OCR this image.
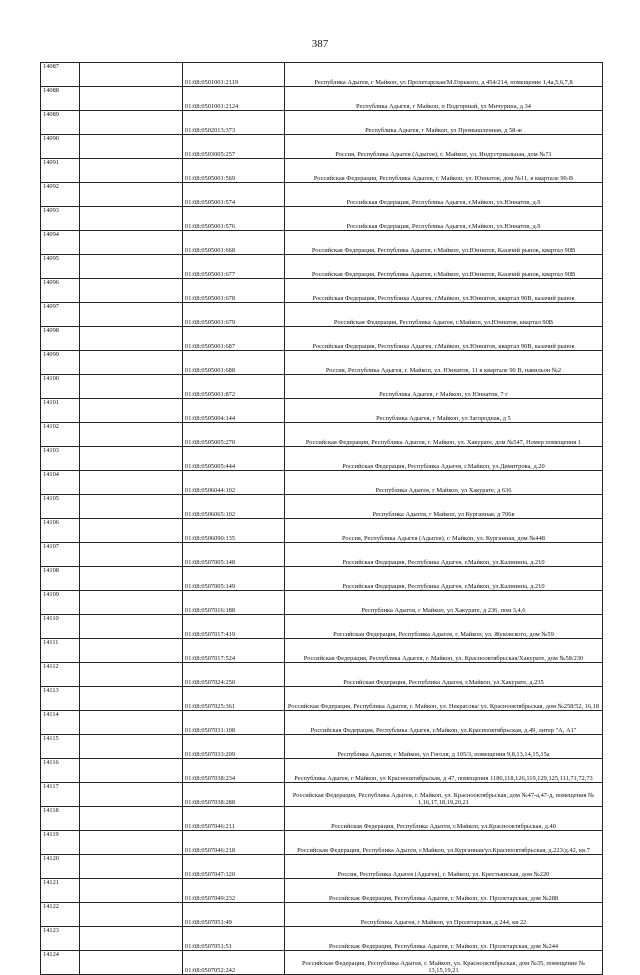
387
14087		01:08:0501001:2119	Республика Адыгея, г Майкоп, ул Пролетарская/М.Горького, д 454/214, помещение 1,4а,5,6,7,8
14088		01:08:0501001:2124	Республика Адыгея, г Майкоп, п Подгорный, ул Мичурина, д 34
14089		01:08:0502013:373	Республика Адыгея, г Майкоп, ул Промышленная, д 58-ж
14090		01:08:0503005:257	Россия, Республика Адыгея (Адыгея), г. Майкоп, ул. Индустриальная, дом №71
14091		01:08:0505001:569	Российская Федерация, Республика Адыгея, г. Майкоп, ул. Юннатов, дом №11, в квартале 90-В
14092		01:08:0505001:574	Российская Федерация, Республика Адыгея, г.Майкоп, ул.Юннатов, д.9
14093		01:08:0505001:576	Российская Федерация, Республика Адыгея, г.Майкоп, ул.Юннатов, д.9
14094		01:08:0505001:668	Российская Федерация, Республика Адыгея, г.Майкоп, ул.Юннатов, Казачий рынок, квартал 90В
14095		01:08:0505001:677	Российская Федерация, Республика Адыгея, г.Майкоп, ул.Юннатов, Казачий рынок, квартал 90В
14096		01:08:0505001:678	Российская Федерация, Республика Адыгея, г.Майкоп, ул.Юннатов, квартал 90В, казачий рынок
14097		01:08:0505001:679	Российская Федерация, Республика Адыгея, г.Майкоп, ул.Юннатов, квартал 90В
14098		01:08:0505001:687	Российская Федерация, Республика Адыгея, г.Майкоп, ул.Юннатов, квартал 90В, казачий рынок
14099		01:08:0505001:688	Россия, Республика Адыгея, г. Майкоп, ул. Юннатов, 11 в квартале 90 В, павильон №2
14100		01:08:0505001:872	Республика Адыгея, г Майкоп, ул Юннатов, 7 г
14101		01:08:0505004:144	Республика Адыгея, г Майкоп, ул Загородная, д 5
14102		01:08:0505005:270	Российская Федерация, Республика Адыгея, г. Майкоп, ул. Хакурате, дом №547, Номер помещения 1
14103		01:08:0505005:444	Российская Федерация, Республика Адыгея, г.Майкоп, ул.Димитрова, д.20
14104		01:08:0506044:102	Республика Адыгея, г Майкоп, ул Хакурате, д 636
14105		01:08:0506065:102	Республика Адыгея, г Майкоп, ул Курганная, д 706в
14106		01:08:0506090:135	Россия, Республика Адыгея (Адыгея), г. Майкоп, ул. Курганная, дом №448
14107		01:08:0507005:148	Российская Федерация, Республика Адыгея, г.Майкоп, ул.Калинина, д.210
14108		01:08:0507005:149	Российская Федерация, Республика Адыгея, г.Майкоп, ул.Калинина, д.210
14109		01:08:0507016:188	Республика Адыгея, г Майкоп, ул Хакурате, д 236, пом 3,4,6
14110		01:08:0507017:419	Российская Федерация, Республика Адыгея, г. Майкоп, ул. Жуковского, дом №59
14111		01:08:0507017:524	Российская Федерация, Республика Адыгея, г. Майкоп, ул. Краснооктябрьская/Хакурате, дом №58/230
14112		01:08:0507024:250	Российская Федерация, Республика Адыгея, г.Майкоп, ул.Хакурате, д.235
14113		01:08:0507025:361	Российская Федерация, Республика Адыгея, г. Майкоп, ул. Некрасова/ ул. Краснооктябрьская, дом №258/52, 16,18
14114		01:08:0507031:108	Российская Федерация, Республика Адыгея, г.Майкоп, ул.Краснооктябрьская, д.49, литер "А, А1"
14115		01:08:0507033:209	Республика Адыгея, г Майкоп, ул Гоголя, д 105/3, помещения 9,8,13,14,15,15а
14116		01:08:0507038:234	Республика Адыгея, г Майкоп, ул Краснооктябрьская, д 47, помещения 1186,118,126,119,129,125,111,71,72,73
14117		01:08:0507038:288	Российская Федерация, Республика Адыгея, г. Майкоп, ул. Краснооктябрьская, дом №47-а,47-д, помещения № 1,16,17,18,19,20,21
14118		01:08:0507046:211	Российская Федерация, Республика Адыгея, г.Майкоп, ул.Краснооктябрьская, д.40
14119		01:08:0507046:218	Российская Федерация, Республика Адыгея, г.Майкоп, ул.Курганная/ул.Краснооктябрьская, д.223/д.42, кв.7
14120		01:08:0507047:120	Россия, Республика Адыгея (Адыгея), г. Майкоп, ул. Крестьянская, дом №220
14121		01:08:0507049:232	Российская Федерация, Республика Адыгея, г. Майкоп, ул. Пролетарская, дом №288
14122		01:08:0507051:49	Республика Адыгея, г Майкоп, ул Пролетарская, д 244, кв 22
14123		01:08:0507051:51	Российская Федерация, Республика Адыгея, г. Майкоп, ул. Пролетарская, дом №244
14124		01:08:0507052:242	Российская Федерация, Республика Адыгея, г. Майкоп, ул. Краснооктябрьская, дом №35, помещение № 13,15,19,21
